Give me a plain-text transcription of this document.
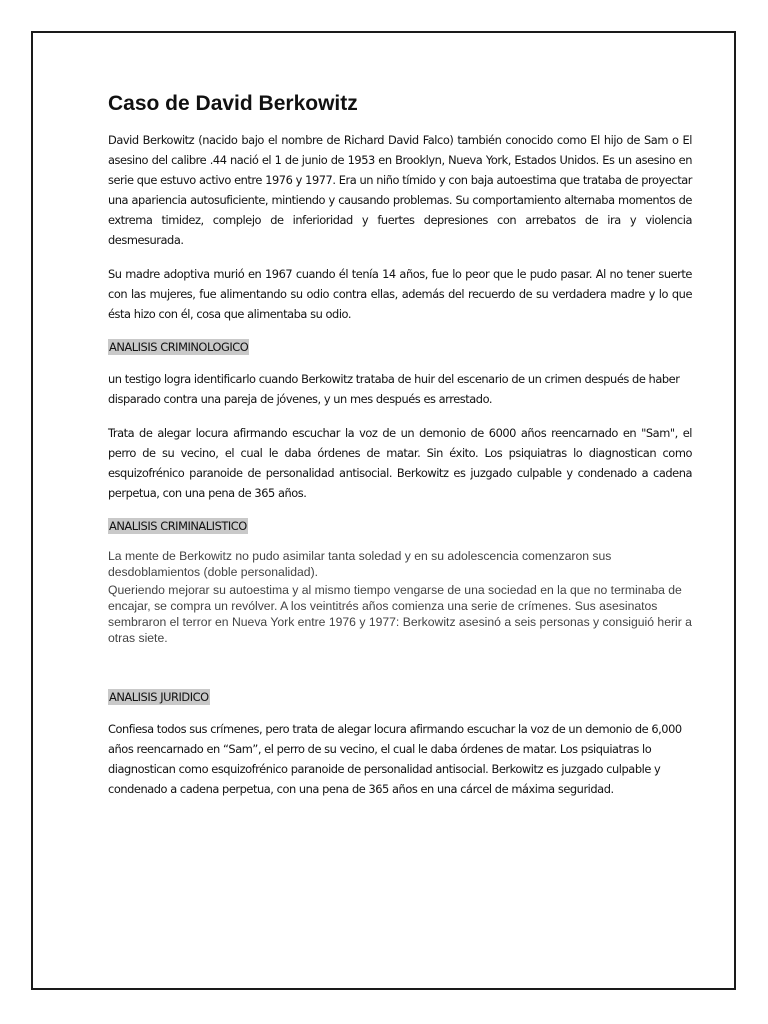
Caso de David Berkowitz

David Berkowitz (nacido bajo el nombre de Richard David Falco) también conocido como El hijo de Sam o El asesino del calibre .44 nació el 1 de junio de 1953 en Brooklyn, Nueva York, Estados Unidos. Es un asesino en serie que estuvo activo entre 1976 y 1977. Era un niño tímido y con baja autoestima que trataba de proyectar una apariencia autosuficiente, mintiendo y causando problemas. Su comportamiento alternaba momentos de extrema timidez, complejo de inferioridad y fuertes depresiones con arrebatos de ira y violencia desmesurada.

Su madre adoptiva murió en 1967 cuando él tenía 14 años, fue lo peor que le pudo pasar. Al no tener suerte con las mujeres, fue alimentando su odio contra ellas, además del recuerdo de su verdadera madre y lo que ésta hizo con él, cosa que alimentaba su odio.

ANALISIS CRIMINOLOGICO

un testigo logra identificarlo cuando Berkowitz trataba de huir del escenario de un crimen después de haber disparado contra una pareja de jóvenes, y un mes después es arrestado.

Trata de alegar locura afirmando escuchar la voz de un demonio de 6000 años reencarnado en "Sam", el perro de su vecino, el cual le daba órdenes de matar. Sin éxito. Los psiquiatras lo diagnostican como esquizofrénico paranoide de personalidad antisocial. Berkowitz es juzgado culpable y condenado a cadena perpetua, con una pena de 365 años.

ANALISIS CRIMINALISTICO

La mente de Berkowitz no pudo asimilar tanta soledad y en su adolescencia comenzaron sus desdoblamientos (doble personalidad).

Queriendo mejorar su autoestima y al mismo tiempo vengarse de una sociedad en la que no terminaba de encajar, se compra un revólver. A los veintitrés años comienza una serie de crímenes. Sus asesinatos sembraron el terror en Nueva York entre 1976 y 1977: Berkowitz asesinó a seis personas y consiguió herir a otras siete.

ANALISIS JURIDICO

Confiesa todos sus crímenes, pero trata de alegar locura afirmando escuchar la voz de un demonio de 6,000 años reencarnado en “Sam”, el perro de su vecino, el cual le daba órdenes de matar. Los psiquiatras lo diagnostican como esquizofrénico paranoide de personalidad antisocial. Berkowitz es juzgado culpable y condenado a cadena perpetua, con una pena de 365 años en una cárcel de máxima seguridad.
